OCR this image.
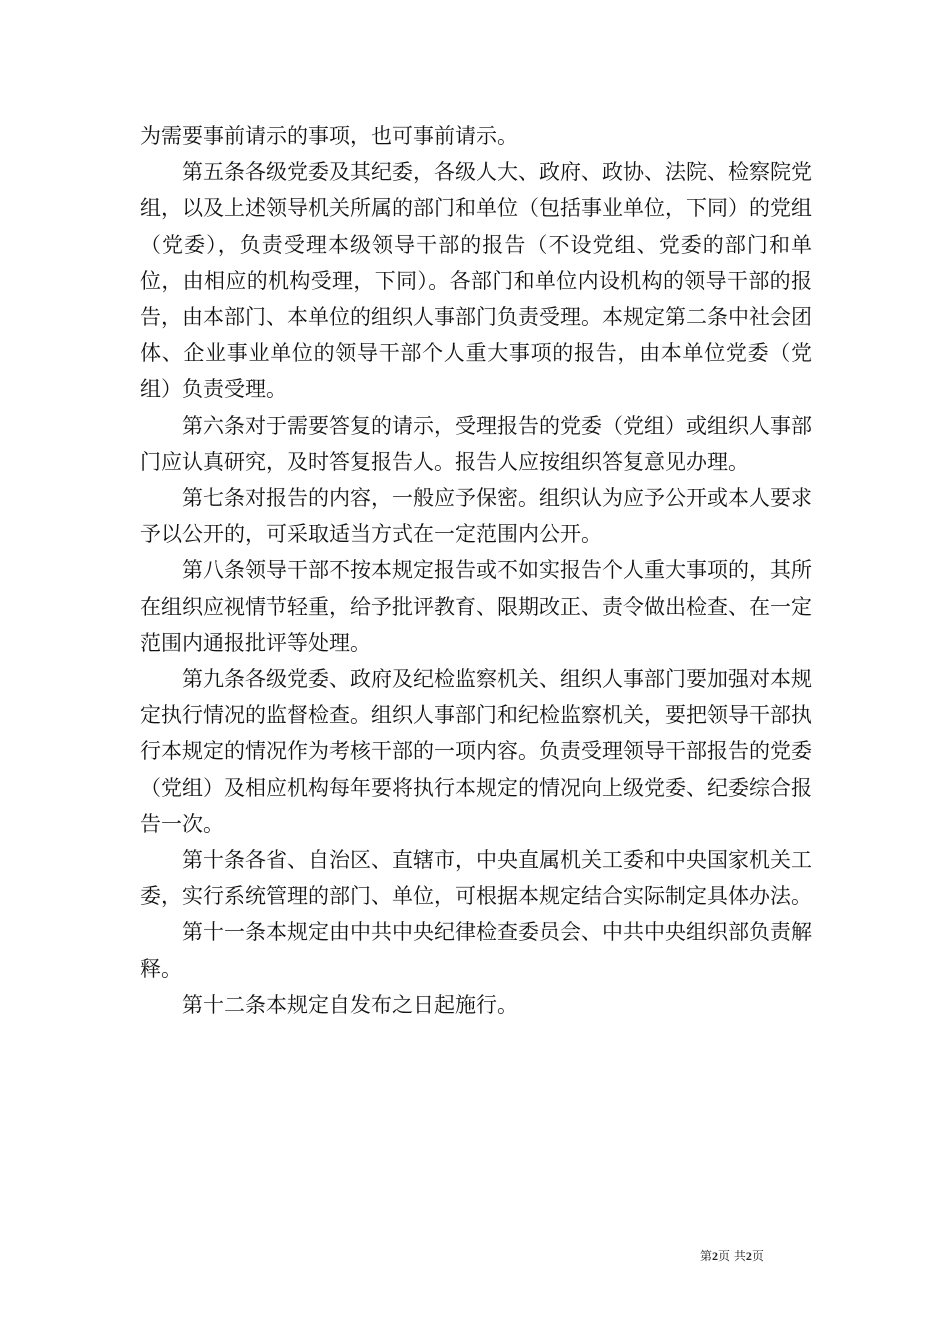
为需要事前请示的事项，也可事前请示。

第五条各级党委及其纪委，各级人大、政府、政协、法院、检察院党组，以及上述领导机关所属的部门和单位（包括事业单位，下同）的党组（党委），负责受理本级领导干部的报告（不设党组、党委的部门和单位，由相应的机构受理，下同）。各部门和单位内设机构的领导干部的报告，由本部门、本单位的组织人事部门负责受理。本规定第二条中社会团体、企业事业单位的领导干部个人重大事项的报告，由本单位党委（党组）负责受理。

第六条对于需要答复的请示，受理报告的党委（党组）或组织人事部门应认真研究，及时答复报告人。报告人应按组织答复意见办理。

第七条对报告的内容，一般应予保密。组织认为应予公开或本人要求予以公开的，可采取适当方式在一定范围内公开。

第八条领导干部不按本规定报告或不如实报告个人重大事项的，其所在组织应视情节轻重，给予批评教育、限期改正、责令做出检查、在一定范围内通报批评等处理。

第九条各级党委、政府及纪检监察机关、组织人事部门要加强对本规定执行情况的监督检查。组织人事部门和纪检监察机关，要把领导干部执行本规定的情况作为考核干部的一项内容。负责受理领导干部报告的党委（党组）及相应机构每年要将执行本规定的情况向上级党委、纪委综合报告一次。

第十条各省、自治区、直辖市，中央直属机关工委和中央国家机关工委，实行系统管理的部门、单位，可根据本规定结合实际制定具体办法。

第十一条本规定由中共中央纪律检查委员会、中共中央组织部负责解释。

第十二条本规定自发布之日起施行。

第2页 共2页
